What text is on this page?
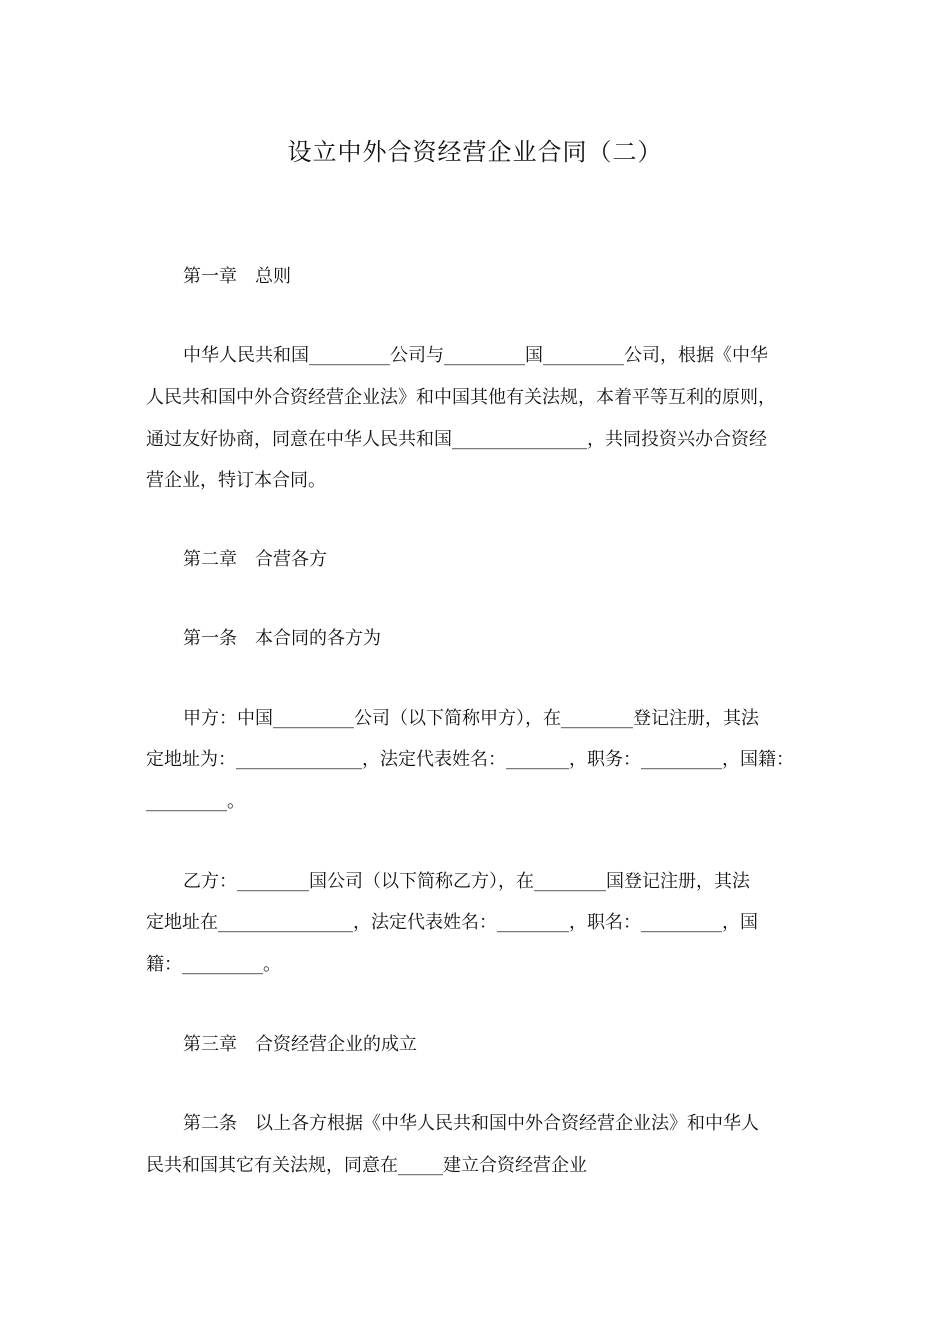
设立中外合资经营企业合同（二）
第一章　总则
中华人民共和国_________公司与_________国_________公司，根据《中华
人民共和国中外合资经营企业法》和中国其他有关法规，本着平等互利的原则，
通过友好协商，同意在中华人民共和国_______________，共同投资兴办合资经
营企业，特订本合同。
第二章　合营各方
第一条　本合同的各方为
甲方：中国_________公司（以下简称甲方），在________登记注册，其法
定地址为：______________，法定代表姓名：_______，职务：_________，国籍：
_________。
乙方：________国公司（以下简称乙方），在________国登记注册，其法
定地址在_______________，法定代表姓名：________，职名：_________，国
籍：_________。
第三章　合资经营企业的成立
第二条　以上各方根据《中华人民共和国中外合资经营企业法》和中华人
民共和国其它有关法规，同意在_____建立合资经营企业
